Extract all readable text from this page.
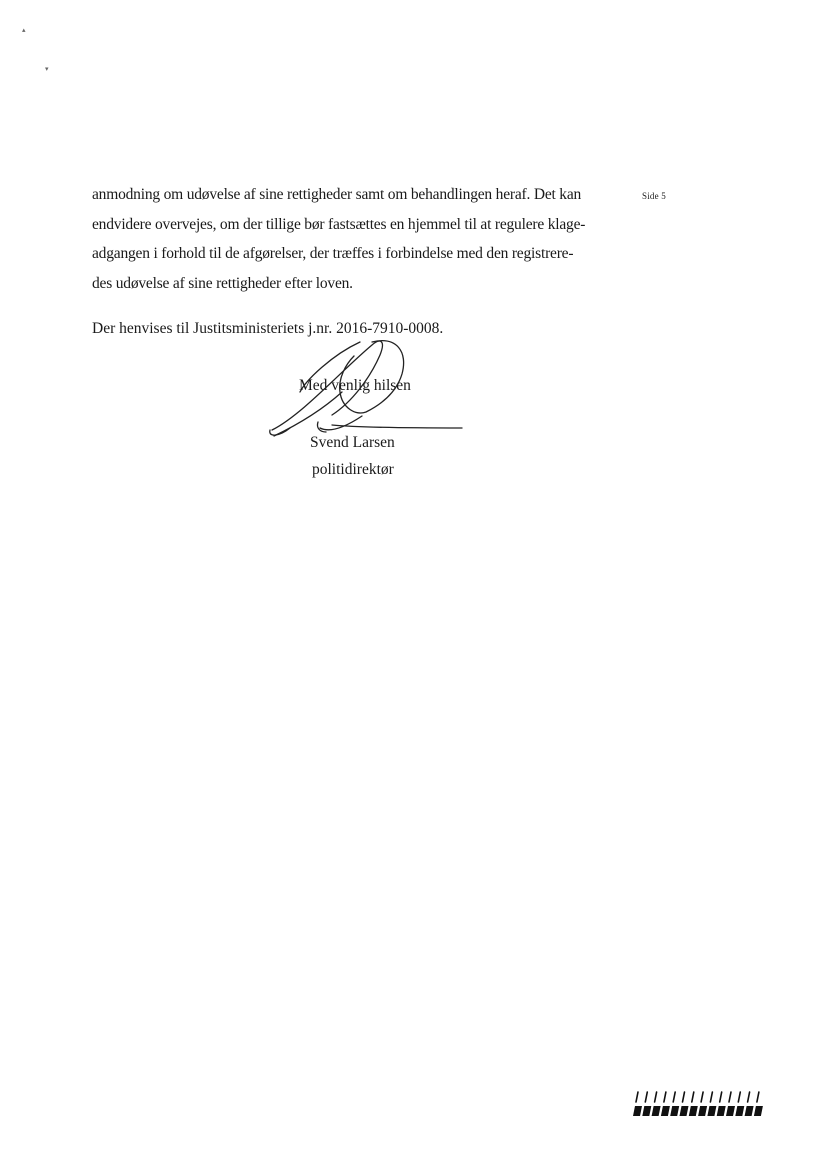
▴
▾

anmodning om udøvelse af sine rettigheder samt om behandlingen heraf. Det kan
endvidere overvejes, om der tillige bør fastsættes en hjemmel til at regulere klage-
adgangen i forhold til de afgørelser, der træffes i forbindelse med den registrere-
des udøvelse af sine rettigheder efter loven.

Side 5
Der henvises til Justitsministeriets j.nr. 2016-7910-0008.
Med venlig hilsen
Svend Larsen
politidirektør
